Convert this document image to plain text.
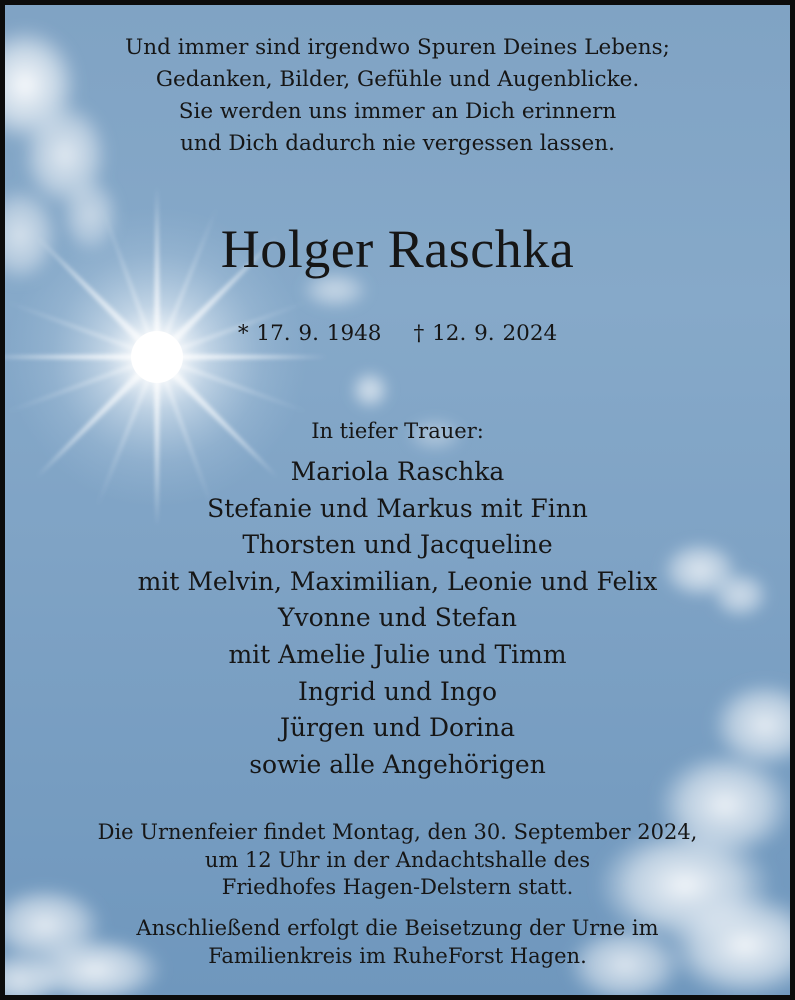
Und immer sind irgendwo Spuren Deines Lebens;
Gedanken, Bilder, Gefühle und Augenblicke.
Sie werden uns immer an Dich erinnern
und Dich dadurch nie vergessen lassen.
Holger Raschka
* 17. 9. 1948 † 12. 9. 2024
In tiefer Trauer:
Mariola Raschka
Stefanie und Markus mit Finn
Thorsten und Jacqueline
mit Melvin, Maximilian, Leonie und Felix
Yvonne und Stefan
mit Amelie Julie und Timm
Ingrid und Ingo
Jürgen und Dorina
sowie alle Angehörigen
Die Urnenfeier findet Montag, den 30. September 2024,
um 12 Uhr in der Andachtshalle des
Friedhofes Hagen-Delstern statt.
Anschließend erfolgt die Beisetzung der Urne im
Familienkreis im RuheForst Hagen.
